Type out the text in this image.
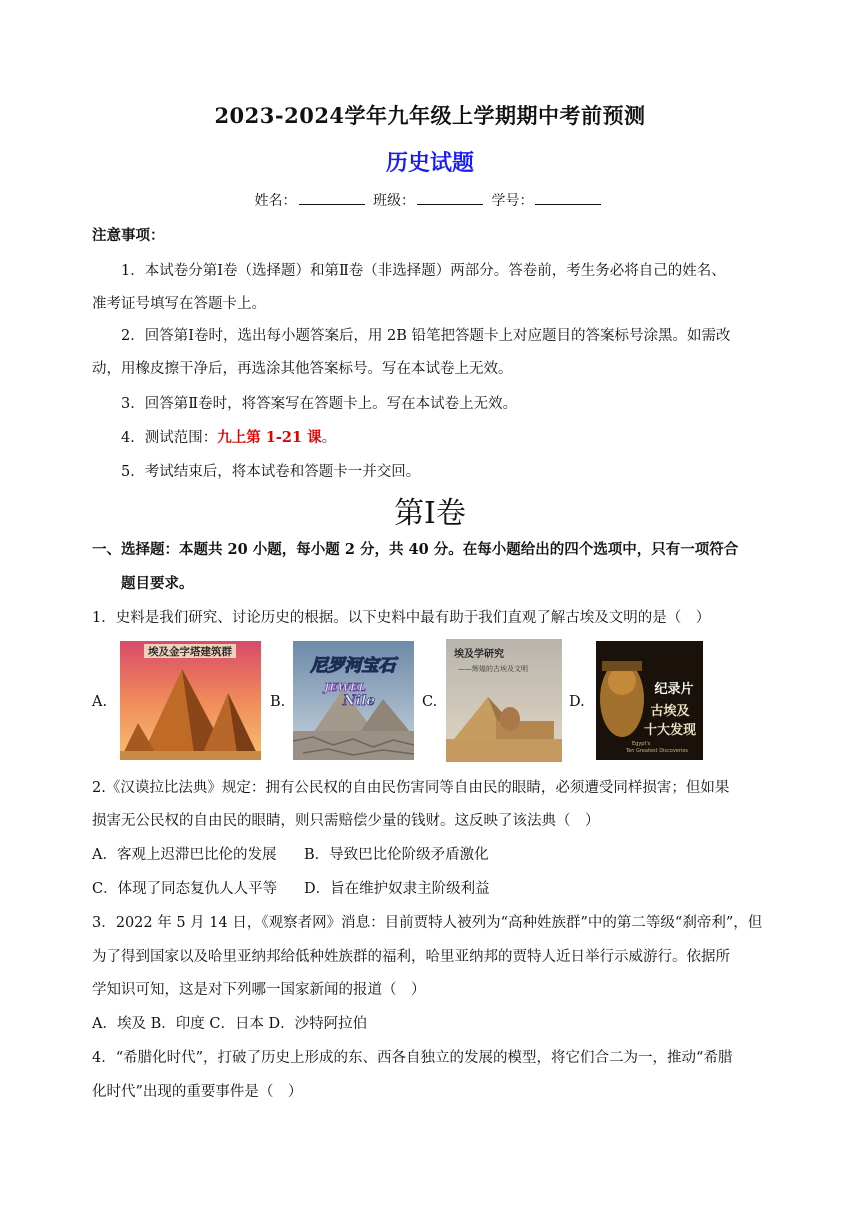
2023-2024学年九年级上学期期中考前预测
历史试题
姓名：	班级：	学号：
注意事项：
1．本试卷分第Ⅰ卷（选择题）和第Ⅱ卷（非选择题）两部分。答卷前，考生务必将自己的姓名、
准考证号填写在答题卡上。
2．回答第Ⅰ卷时，选出每小题答案后，用 2B 铅笔把答题卡上对应题目的答案标号涂黑。如需改
动，用橡皮擦干净后，再选涂其他答案标号。写在本试卷上无效。
3．回答第Ⅱ卷时，将答案写在答题卡上。写在本试卷上无效。
4．测试范围：九上第 1-21 课。
5．考试结束后，将本试卷和答题卡一并交回。
第Ⅰ卷
一、选择题：本题共 20 小题，每小题 2 分，共 40 分。在每小题给出的四个选项中，只有一项符合
题目要求。
1．史料是我们研究、讨论历史的根据。以下史料中最有助于我们直观了解古埃及文明的是（　）
A.
埃及金字塔建筑群
B.
尼罗河宝石
JEWEL
Nile	C.
埃及学研究
——辉煌的古埃及文明
D.
纪录片
古埃及
十大发现
Egypt's
Ten Greatest Discoveries
2.《汉谟拉比法典》规定：拥有公民权的自由民伤害同等自由民的眼睛，必须遭受同样损害；但如果
损害无公民权的自由民的眼睛，则只需赔偿少量的钱财。这反映了该法典（　）
A．客观上迟滞巴比伦的发展 B．导致巴比伦阶级矛盾激化
C．体现了同态复仇人人平等 D．旨在维护奴隶主阶级利益
3．2022 年 5 月 14 日，《观察者网》消息：目前贾特人被列为“高种姓族群”中的第二等级“刹帝利”，但
为了得到国家以及哈里亚纳邦给低种姓族群的福利，哈里亚纳邦的贾特人近日举行示威游行。依据所
学知识可知，这是对下列哪一国家新闻的报道（　）
A．埃及 B．印度 C．日本 D．沙特阿拉伯
4．“希腊化时代”，打破了历史上形成的东、西各自独立的发展的模型，将它们合二为一，推动“希腊
化时代”出现的重要事件是（　）
